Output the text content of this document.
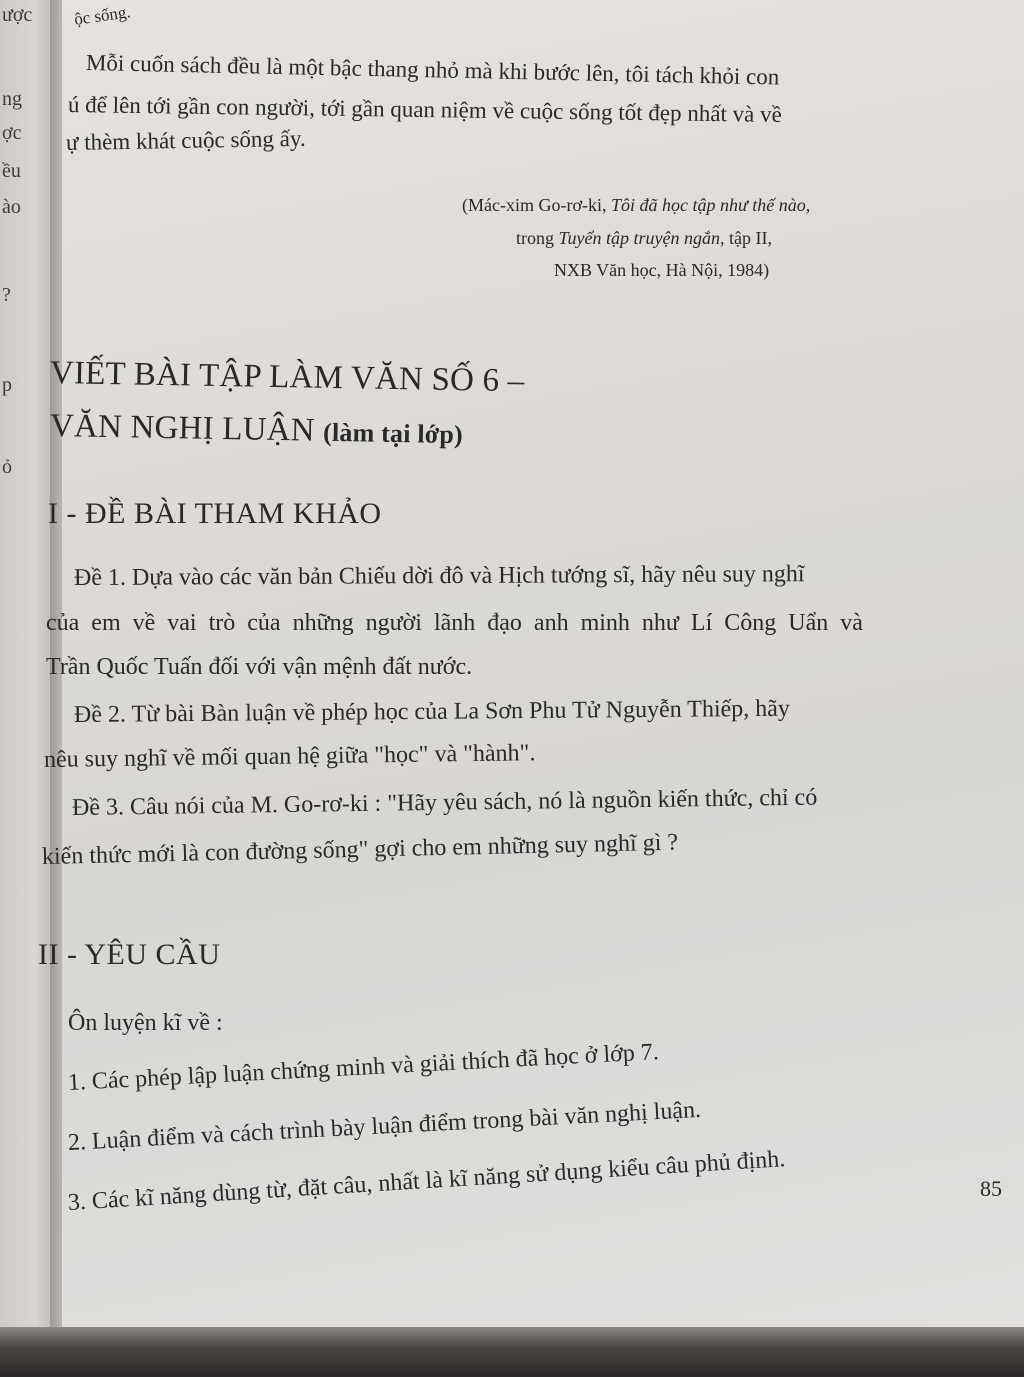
ược
ng
ợc
ều
ào
?
p
ỏ
ộc sống.
Mỗi cuốn sách đều là một bậc thang nhỏ mà khi bước lên, tôi tách khỏi con
ú để lên tới gần con người, tới gần quan niệm về cuộc sống tốt đẹp nhất và về
ự thèm khát cuộc sống ấy.
(Mác-xim Go-rơ-ki, Tôi đã học tập như thế nào,
trong Tuyển tập truyện ngắn, tập II,
NXB Văn học, Hà Nội, 1984)
VIẾT BÀI TẬP LÀM VĂN SỐ 6 –
VĂN NGHỊ LUẬN (làm tại lớp)
I - ĐỀ BÀI THAM KHẢO
Đề 1. Dựa vào các văn bản Chiếu dời đô và Hịch tướng sĩ, hãy nêu suy nghĩ
của em về vai trò của những người lãnh đạo anh minh như Lí Công Uẩn và
Trần Quốc Tuấn đối với vận mệnh đất nước.
Đề 2. Từ bài Bàn luận về phép học của La Sơn Phu Tử Nguyễn Thiếp, hãy
nêu suy nghĩ về mối quan hệ giữa "học" và "hành".
Đề 3. Câu nói của M. Go-rơ-ki : "Hãy yêu sách, nó là nguồn kiến thức, chỉ có
kiến thức mới là con đường sống" gợi cho em những suy nghĩ gì ?
II - YÊU CẦU
Ôn luyện kĩ về :
1. Các phép lập luận chứng minh và giải thích đã học ở lớp 7.
2. Luận điểm và cách trình bày luận điểm trong bài văn nghị luận.
3. Các kĩ năng dùng từ, đặt câu, nhất là kĩ năng sử dụng kiểu câu phủ định.	85
